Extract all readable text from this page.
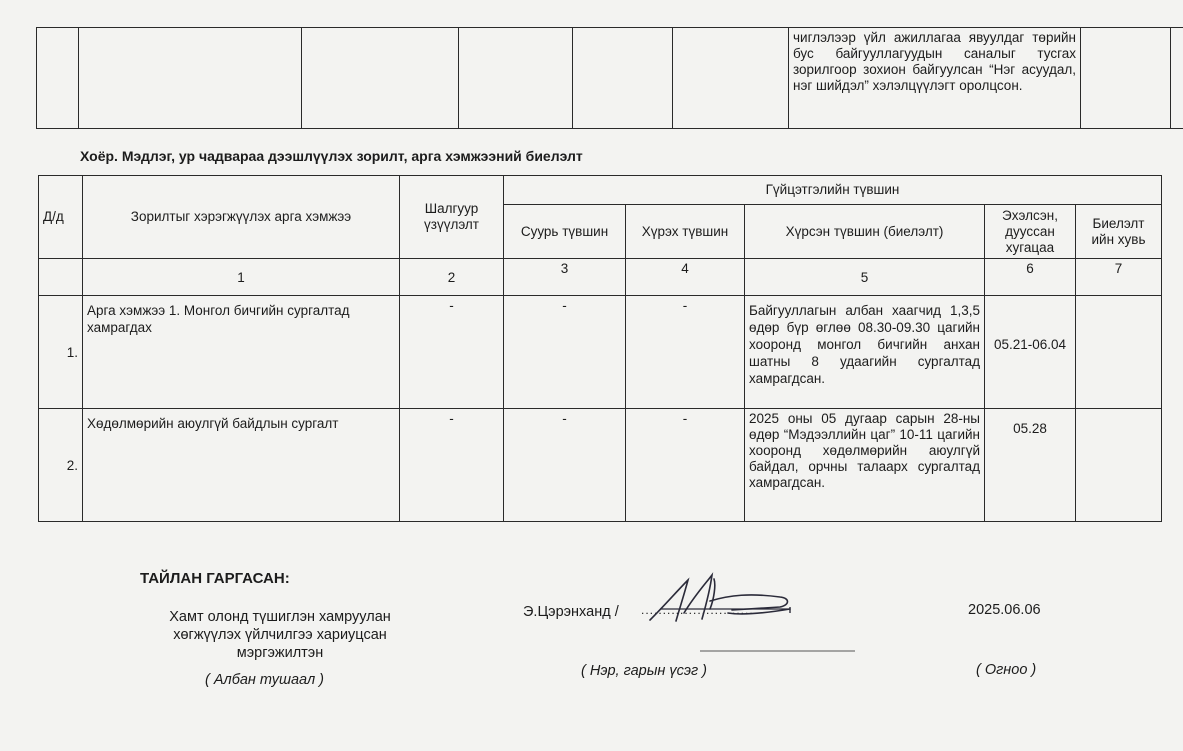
						чиглэлээр үйл ажиллагаа явуулдаг төрийн бус байгууллагуудын саналыг тусгах зорилгоор зохион байгуулсан “Нэг асуудал, нэг шийдэл” хэлэлцүүлэгт оролцсон.		
Хоёр. Мэдлэг, ур чадвараа дээшлүүлэх зорилт, арга хэмжээний биелэлт
Д/д	Зорилтыг хэрэгжүүлэх арга хэмжээ	Шалгуур үзүүлэлт	Гүйцэтгэлийн түвшин				
			Суурь түвшин	Хүрэх түвшин	Хүрсэн түвшин (биелэлт)	Эхэлсэн, дууссан хугацаа	Биелэлт ийн хувь
	1	2	3	4	5	6	7
1.	Арга хэмжээ 1. Монгол бичгийн сургалтад хамрагдах	-	-	-	Байгууллагын албан хаагчид 1,3,5 өдөр бүр өглөө 08.30-09.30 цагийн хооронд монгол бичгийн анхан шатны 8 удаагийн сургалтад хамрагдсан.	05.21-06.04	
2.	Хөдөлмөрийн аюулгүй байдлын сургалт	-	-	-	2025 оны 05 дугаар сарын 28-ны өдөр “Мэдээллийн цаг” 10-11 цагийн хооронд хөдөлмөрийн аюулгүй байдал, орчны талаарх сургалтад хамрагдсан.	05.28	
ТАЙЛАН ГАРГАСАН:
Хамт олонд түшиглэн хамруулан хөгжүүлэх үйлчилгээ хариуцсан мэргэжилтэн
( Албан тушаал )
Э.Цэрэнханд / ..........................
( Нэр, гарын үсэг )
2025.06.06
( Огноо )
